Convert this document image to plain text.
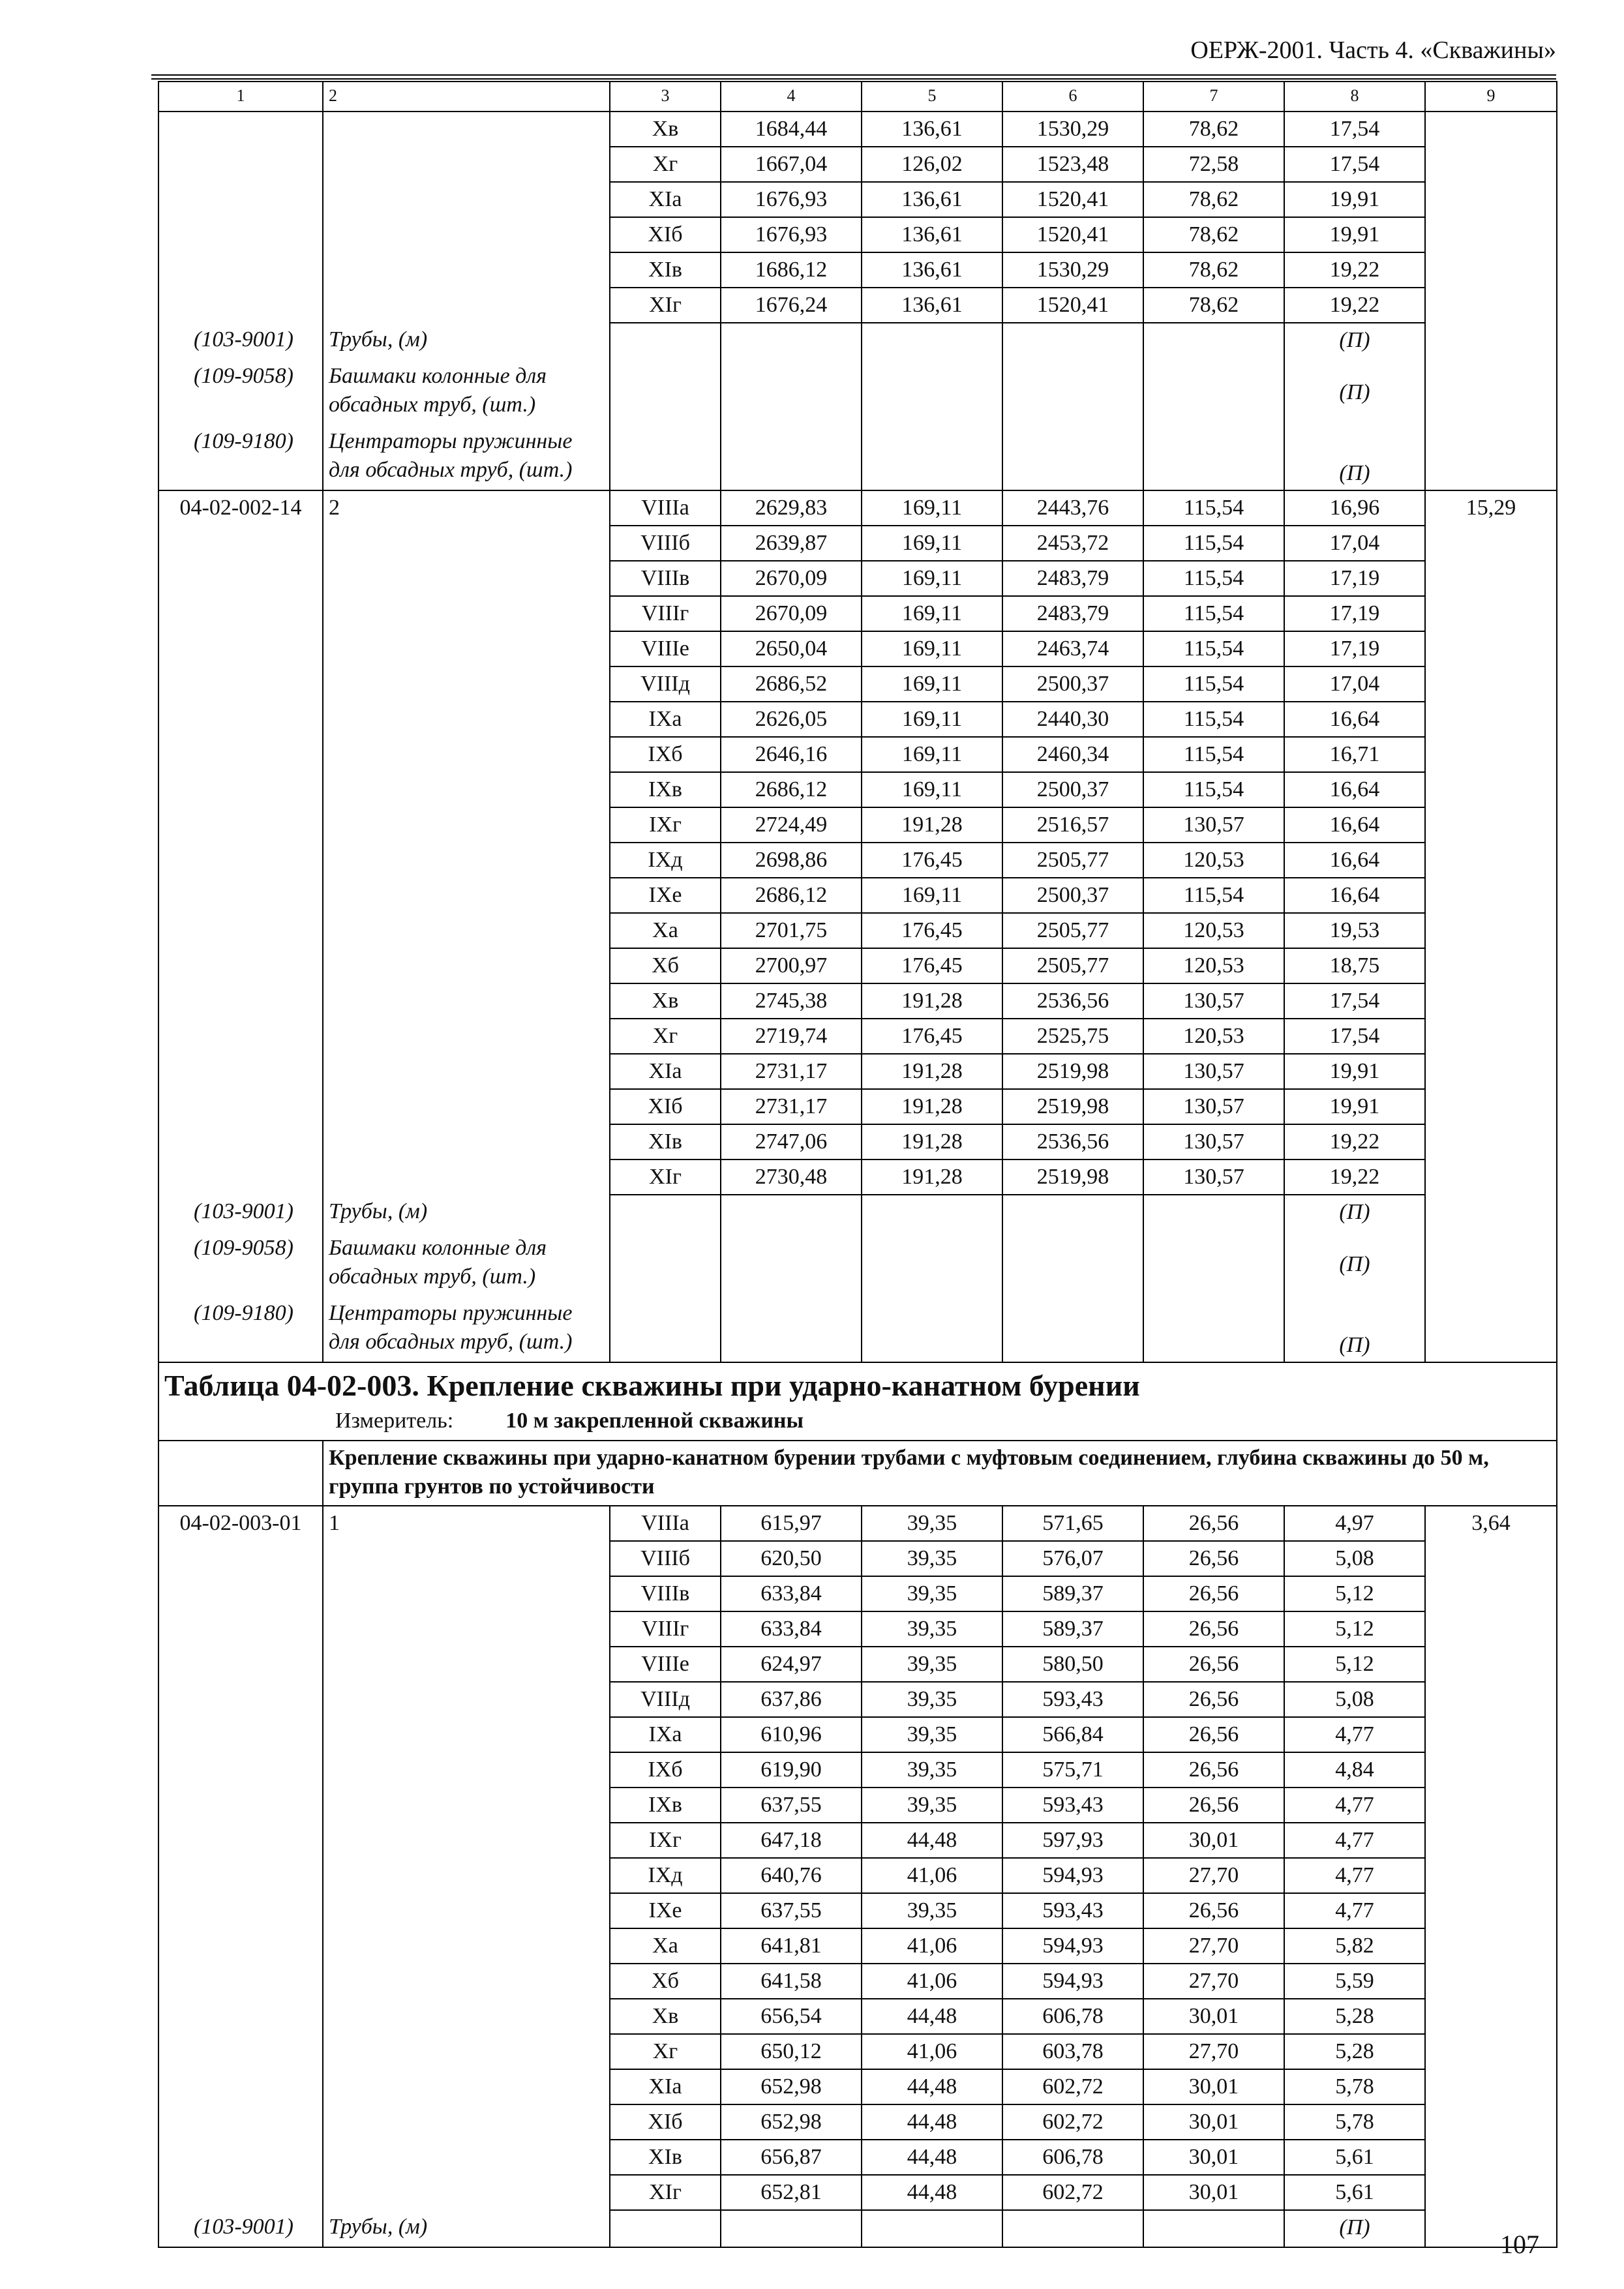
ОЕРЖ-2001. Часть 4. «Скважины»
1	2	3	4	5	6	7	8	9
		Xв	1684,44	136,61	1530,29	78,62	17,54	
		Xг	1667,04	126,02	1523,48	72,58	17,54	
		XIa	1676,93	136,61	1520,41	78,62	19,91	
		XIб	1676,93	136,61	1520,41	78,62	19,91	
		XIв	1686,12	136,61	1530,29	78,62	19,22	
		XIг	1676,24	136,61	1520,41	78,62	19,22	
(103-9001)	Трубы, (м)						(П)	
(109-9058)	Башмаки колонные для обсадных труб, (шт.)						(П)	
(109-9180)	Центраторы пружинные для обсадных труб, (шт.)						(П)	
04-02-002-14	2	VIIIa	2629,83	169,11	2443,76	115,54	16,96	15,29
		VIIIб	2639,87	169,11	2453,72	115,54	17,04	
		VIIIв	2670,09	169,11	2483,79	115,54	17,19	
		VIIIг	2670,09	169,11	2483,79	115,54	17,19	
		VIIIe	2650,04	169,11	2463,74	115,54	17,19	
		VIIIд	2686,52	169,11	2500,37	115,54	17,04	
		IXa	2626,05	169,11	2440,30	115,54	16,64	
		IXб	2646,16	169,11	2460,34	115,54	16,71	
		IXв	2686,12	169,11	2500,37	115,54	16,64	
		IXг	2724,49	191,28	2516,57	130,57	16,64	
		IXд	2698,86	176,45	2505,77	120,53	16,64	
		IXe	2686,12	169,11	2500,37	115,54	16,64	
		Xa	2701,75	176,45	2505,77	120,53	19,53	
		Xб	2700,97	176,45	2505,77	120,53	18,75	
		Xв	2745,38	191,28	2536,56	130,57	17,54	
		Xг	2719,74	176,45	2525,75	120,53	17,54	
		XIa	2731,17	191,28	2519,98	130,57	19,91	
		XIб	2731,17	191,28	2519,98	130,57	19,91	
		XIв	2747,06	191,28	2536,56	130,57	19,22	
		XIг	2730,48	191,28	2519,98	130,57	19,22	
(103-9001)	Трубы, (м)						(П)	
(109-9058)	Башмаки колонные для обсадных труб, (шт.)						(П)	
(109-9180)	Центраторы пружинные для обсадных труб, (шт.)						(П)	

Таблица 04-02-003. Крепление скважины при ударно-канатном бурении
Измеритель: 10 м закрепленной скважины								

	Крепление скважины при ударно-канатном бурении трубами с муфтовым соединением, глубина скважины до 50 м, группа грунтов по устойчивости							
04-02-003-01	1	VIIIa	615,97	39,35	571,65	26,56	4,97	3,64
		VIIIб	620,50	39,35	576,07	26,56	5,08	
		VIIIв	633,84	39,35	589,37	26,56	5,12	
		VIIIг	633,84	39,35	589,37	26,56	5,12	
		VIIIe	624,97	39,35	580,50	26,56	5,12	
		VIIIд	637,86	39,35	593,43	26,56	5,08	
		IXa	610,96	39,35	566,84	26,56	4,77	
		IXб	619,90	39,35	575,71	26,56	4,84	
		IXв	637,55	39,35	593,43	26,56	4,77	
		IXг	647,18	44,48	597,93	30,01	4,77	
		IXд	640,76	41,06	594,93	27,70	4,77	
		IXe	637,55	39,35	593,43	26,56	4,77	
		Xa	641,81	41,06	594,93	27,70	5,82	
		Xб	641,58	41,06	594,93	27,70	5,59	
		Xв	656,54	44,48	606,78	30,01	5,28	
		Xг	650,12	41,06	603,78	27,70	5,28	
		XIa	652,98	44,48	602,72	30,01	5,78	
		XIб	652,98	44,48	602,72	30,01	5,78	
		XIв	656,87	44,48	606,78	30,01	5,61	
		XIг	652,81	44,48	602,72	30,01	5,61	
(103-9001)	Трубы, (м)						(П)	
107
